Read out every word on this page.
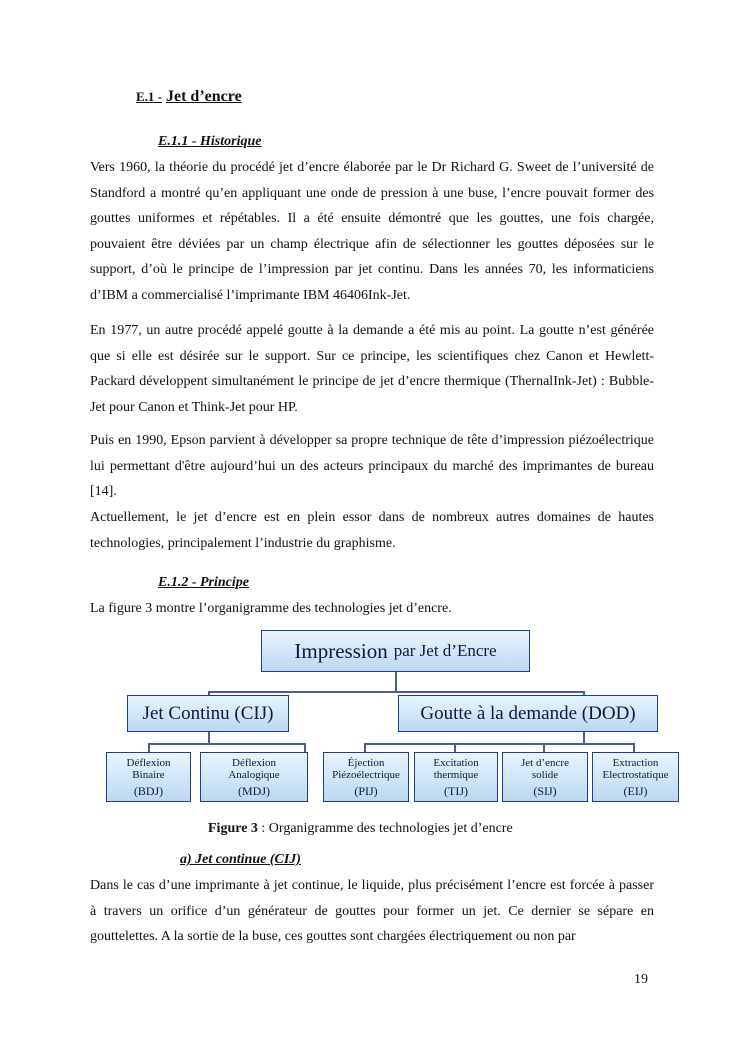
E.1 - Jet d’encre
E.1.1 - Historique

Vers 1960, la théorie du procédé jet d’encre élaborée par le Dr Richard G. Sweet de l’université de Standford a montré qu’en appliquant une onde de pression à une buse, l’encre pouvait former des gouttes uniformes et répétables. Il a été ensuite démontré que les gouttes, une fois chargée, pouvaient être déviées par un champ électrique afin de sélectionner les gouttes déposées sur le support, d’où le principe de l’impression par jet continu. Dans les années 70, les informaticiens d’IBM a commercialisé l’imprimante IBM 46406Ink-Jet.

En 1977, un autre procédé appelé goutte à la demande a été mis au point. La goutte n’est générée que si elle est désirée sur le support. Sur ce principe, les scientifiques chez Canon et Hewlett-Packard développent simultanément le principe de jet d’encre thermique (ThernalInk-Jet) : Bubble-Jet pour Canon et Think-Jet pour HP.

Puis en 1990, Epson parvient à développer sa propre technique de tête d’impression piézoélectrique lui permettant d'être aujourd’hui un des acteurs principaux du marché des imprimantes de bureau [14].

Actuellement, le jet d’encre est en plein essor dans de nombreux autres domaines de hautes technologies, principalement l’industrie du graphisme.

E.1.2 - Principe

La figure 3 montre l’organigramme des technologies jet d’encre.

Impression par Jet d’Encre
Jet Continu (CIJ)	Goutte à la demande (DOD)
Déflexion
Binaire
(BDJ)
Déflexion
Analogique
(MDJ)
Éjection
Piézoélectrique
(PIJ)
Excitation
thermique
(TIJ)
Jet d’encre
solide
(SIJ)
Extraction
Electrostatique
(EIJ)
Figure 3 : Organigramme des technologies jet d’encre
a) Jet continue (CIJ)

Dans le cas d’une imprimante à jet continue, le liquide, plus précisément l’encre est forcée à passer à travers un orifice d’un générateur de gouttes pour former un jet. Ce dernier se sépare en gouttelettes. A la sortie de la buse, ces gouttes sont chargées électriquement ou non par

19
